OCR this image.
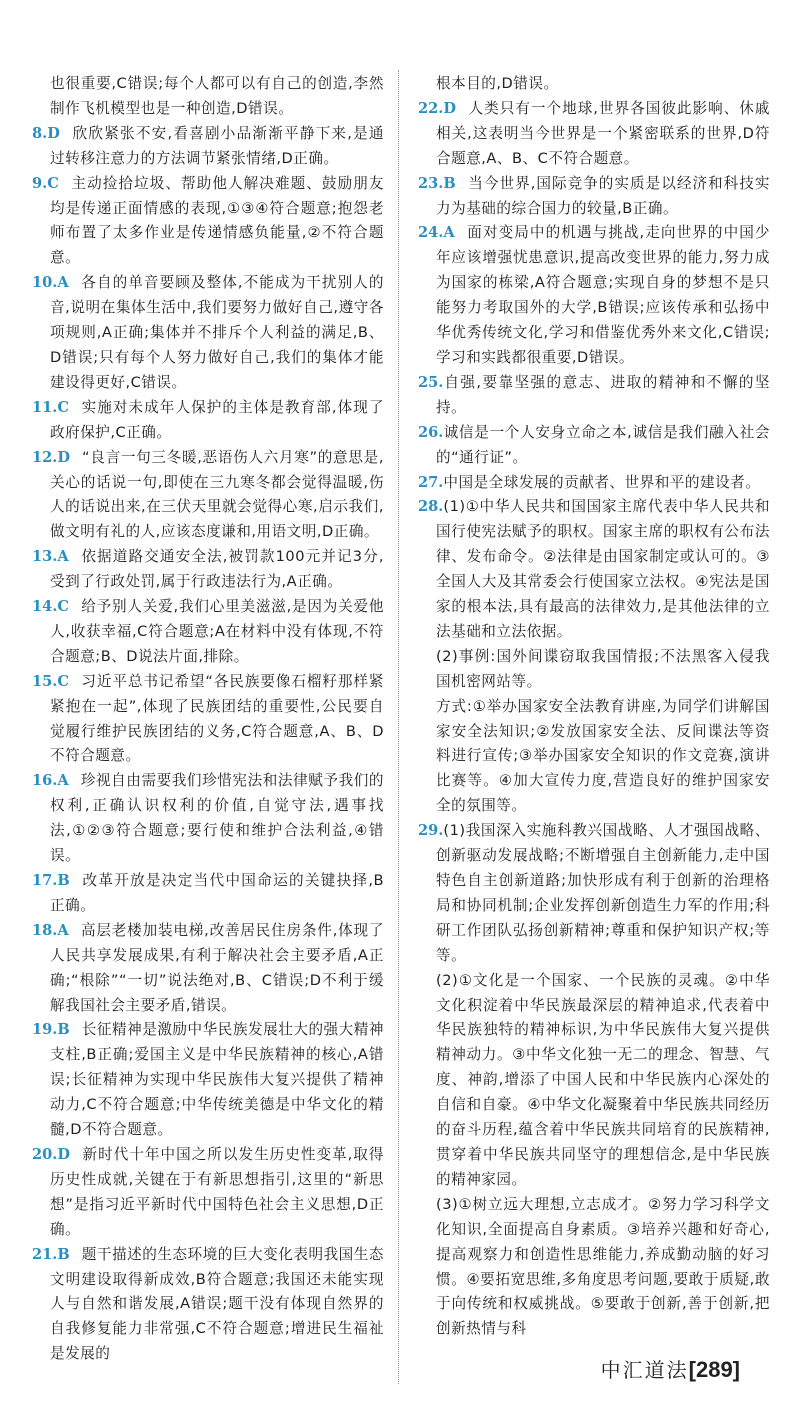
也很重要,C错误;每个人都可以有自己的创造,李然制作飞机模型也是一种创造,D错误。
8.D 欣欣紧张不安,看喜剧小品渐渐平静下来,是通过转移注意力的方法调节紧张情绪,D正确。
9.C 主动捡拾垃圾、帮助他人解决难题、鼓励朋友均是传递正面情感的表现,①③④符合题意;抱怨老师布置了太多作业是传递情感负能量,②不符合题意。
10.A 各自的单音要顾及整体,不能成为干扰别人的音,说明在集体生活中,我们要努力做好自己,遵守各项规则,A正确;集体并不排斥个人利益的满足,B、D错误;只有每个人努力做好自己,我们的集体才能建设得更好,C错误。
11.C 实施对未成年人保护的主体是教育部,体现了政府保护,C正确。
12.D “良言一句三冬暖,恶语伤人六月寒”的意思是,关心的话说一句,即使在三九寒冬都会觉得温暖,伤人的话说出来,在三伏天里就会觉得心寒,启示我们,做文明有礼的人,应该态度谦和,用语文明,D正确。
13.A 依据道路交通安全法,被罚款100元并记3分,受到了行政处罚,属于行政违法行为,A正确。
14.C 给予别人关爱,我们心里美滋滋,是因为关爱他人,收获幸福,C符合题意;A在材料中没有体现,不符合题意;B、D说法片面,排除。
15.C 习近平总书记希望“各民族要像石榴籽那样紧紧抱在一起”,体现了民族团结的重要性,公民要自觉履行维护民族团结的义务,C符合题意,A、B、D不符合题意。
16.A 珍视自由需要我们珍惜宪法和法律赋予我们的权利,正确认识权利的价值,自觉守法,遇事找法,①②③符合题意;要行使和维护合法利益,④错误。
17.B 改革开放是决定当代中国命运的关键抉择,B正确。
18.A 高层老楼加装电梯,改善居民住房条件,体现了人民共享发展成果,有利于解决社会主要矛盾,A正确;“根除”“一切”说法绝对,B、C错误;D不利于缓解我国社会主要矛盾,错误。
19.B 长征精神是激励中华民族发展壮大的强大精神支柱,B正确;爱国主义是中华民族精神的核心,A错误;长征精神为实现中华民族伟大复兴提供了精神动力,C不符合题意;中华传统美德是中华文化的精髓,D不符合题意。
20.D 新时代十年中国之所以发生历史性变革,取得历史性成就,关键在于有新思想指引,这里的“新思想”是指习近平新时代中国特色社会主义思想,D正确。
21.B 题干描述的生态环境的巨大变化表明我国生态文明建设取得新成效,B符合题意;我国还未能实现人与自然和谐发展,A错误;题干没有体现自然界的自我修复能力非常强,C不符合题意;增进民生福祉是发展的
根本目的,D错误。
22.D 人类只有一个地球,世界各国彼此影响、休戚相关,这表明当今世界是一个紧密联系的世界,D符合题意,A、B、C不符合题意。
23.B 当今世界,国际竞争的实质是以经济和科技实力为基础的综合国力的较量,B正确。
24.A 面对变局中的机遇与挑战,走向世界的中国少年应该增强忧患意识,提高改变世界的能力,努力成为国家的栋梁,A符合题意;实现自身的梦想不是只能努力考取国外的大学,B错误;应该传承和弘扬中华优秀传统文化,学习和借鉴优秀外来文化,C错误;学习和实践都很重要,D错误。
25.自强,要靠坚强的意志、进取的精神和不懈的坚持。
26.诚信是一个人安身立命之本,诚信是我们融入社会的“通行证”。
27.中国是全球发展的贡献者、世界和平的建设者。
28.(1)①中华人民共和国国家主席代表中华人民共和国行使宪法赋予的职权。国家主席的职权有公布法律、发布命令。②法律是由国家制定或认可的。③全国人大及其常委会行使国家立法权。④宪法是国家的根本法,具有最高的法律效力,是其他法律的立法基础和立法依据。
(2)事例:国外间谍窃取我国情报;不法黑客入侵我国机密网站等。
方式:①举办国家安全法教育讲座,为同学们讲解国家安全法知识;②发放国家安全法、反间谍法等资料进行宣传;③举办国家安全知识的作文竞赛,演讲比赛等。④加大宣传力度,营造良好的维护国家安全的氛围等。
29.(1)我国深入实施科教兴国战略、人才强国战略、创新驱动发展战略;不断增强自主创新能力,走中国特色自主创新道路;加快形成有利于创新的治理格局和协同机制;企业发挥创新创造生力军的作用;科研工作团队弘扬创新精神;尊重和保护知识产权;等等。
(2)①文化是一个国家、一个民族的灵魂。②中华文化积淀着中华民族最深层的精神追求,代表着中华民族独特的精神标识,为中华民族伟大复兴提供精神动力。③中华文化独一无二的理念、智慧、气度、神韵,增添了中国人民和中华民族内心深处的自信和自豪。④中华文化凝聚着中华民族共同经历的奋斗历程,蕴含着中华民族共同培育的民族精神,贯穿着中华民族共同坚守的理想信念,是中华民族的精神家园。
(3)①树立远大理想,立志成才。②努力学习科学文化知识,全面提高自身素质。③培养兴趣和好奇心,提高观察力和创造性思维能力,养成勤动脑的好习惯。④要拓宽思维,多角度思考问题,要敢于质疑,敢于向传统和权威挑战。⑤要敢于创新,善于创新,把创新热情与科
中汇道法[289]
